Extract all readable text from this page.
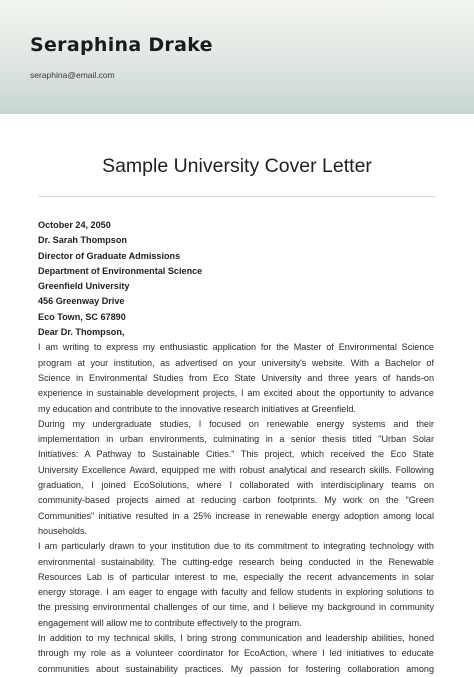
Seraphina Drake
seraphina@email.com
Sample University Cover Letter
October 24, 2050
Dr. Sarah Thompson
Director of Graduate Admissions
Department of Environmental Science
Greenfield University
456 Greenway Drive
Eco Town, SC 67890
Dear Dr. Thompson,
I am writing to express my enthusiastic application for the Master of Environmental Science
program at your institution, as advertised on your university's website. With a Bachelor of
Science in Environmental Studies from Eco State University and three years of hands-on
experience in sustainable development projects, I am excited about the opportunity to advance
my education and contribute to the innovative research initiatives at Greenfield.
During my undergraduate studies, I focused on renewable energy systems and their
implementation in urban environments, culminating in a senior thesis titled "Urban Solar
Initiatives: A Pathway to Sustainable Cities." This project, which received the Eco State
University Excellence Award, equipped me with robust analytical and research skills. Following
graduation, I joined EcoSolutions, where I collaborated with interdisciplinary teams on
community-based projects aimed at reducing carbon footprints. My work on the "Green
Communities" initiative resulted in a 25% increase in renewable energy adoption among local
households.
I am particularly drawn to your institution due to its commitment to integrating technology with
environmental sustainability. The cutting-edge research being conducted in the Renewable
Resources Lab is of particular interest to me, especially the recent advancements in solar
energy storage. I am eager to engage with faculty and fellow students in exploring solutions to
the pressing environmental challenges of our time, and I believe my background in community
engagement will allow me to contribute effectively to the program.
In addition to my technical skills, I bring strong communication and leadership abilities, honed
through my role as a volunteer coordinator for EcoAction, where I led initiatives to educate
communities about sustainability practices. My passion for fostering collaboration among
